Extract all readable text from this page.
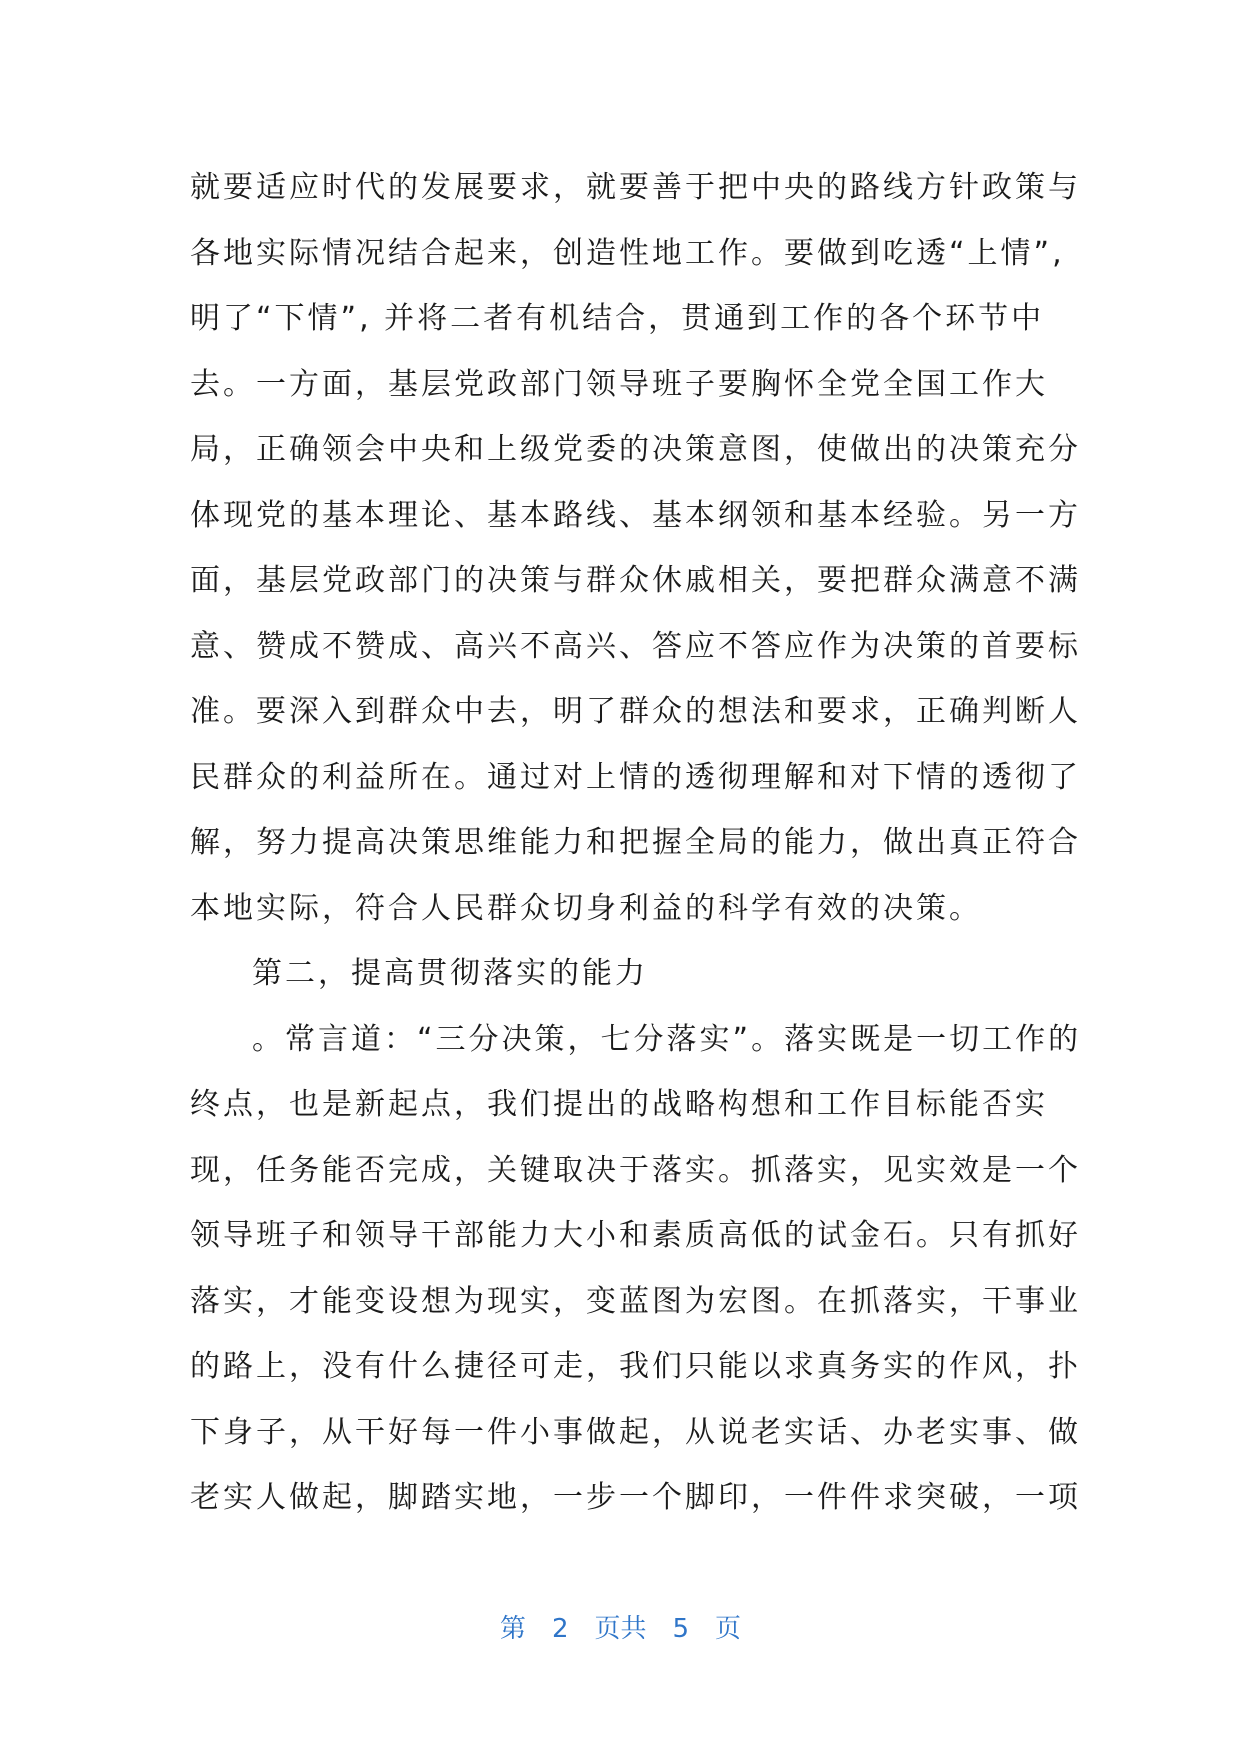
就要适应时代的发展要求，就要善于把中央的路线方针政策与
各地实际情况结合起来，创造性地工作。要做到吃透“上情”,
明了“下情”, 并将二者有机结合，贯通到工作的各个环节中
去。一方面，基层党政部门领导班子要胸怀全党全国工作大
局，正确领会中央和上级党委的决策意图，使做出的决策充分
体现党的基本理论、基本路线、基本纲领和基本经验。另一方
面，基层党政部门的决策与群众休戚相关，要把群众满意不满
意、赞成不赞成、高兴不高兴、答应不答应作为决策的首要标
准。要深入到群众中去，明了群众的想法和要求，正确判断人
民群众的利益所在。通过对上情的透彻理解和对下情的透彻了
解，努力提高决策思维能力和把握全局的能力，做出真正符合
本地实际，符合人民群众切身利益的科学有效的决策。
第二，提高贯彻落实的能力
。常言道：“三分决策，七分落实”。落实既是一切工作的
终点，也是新起点，我们提出的战略构想和工作目标能否实
现，任务能否完成，关键取决于落实。抓落实，见实效是一个
领导班子和领导干部能力大小和素质高低的试金石。只有抓好
落实，才能变设想为现实，变蓝图为宏图。在抓落实，干事业
的路上，没有什么捷径可走，我们只能以求真务实的作风，扑
下身子，从干好每一件小事做起，从说老实话、办老实事、做
老实人做起，脚踏实地，一步一个脚印，一件件求突破，一项
第 2 页共 5 页
